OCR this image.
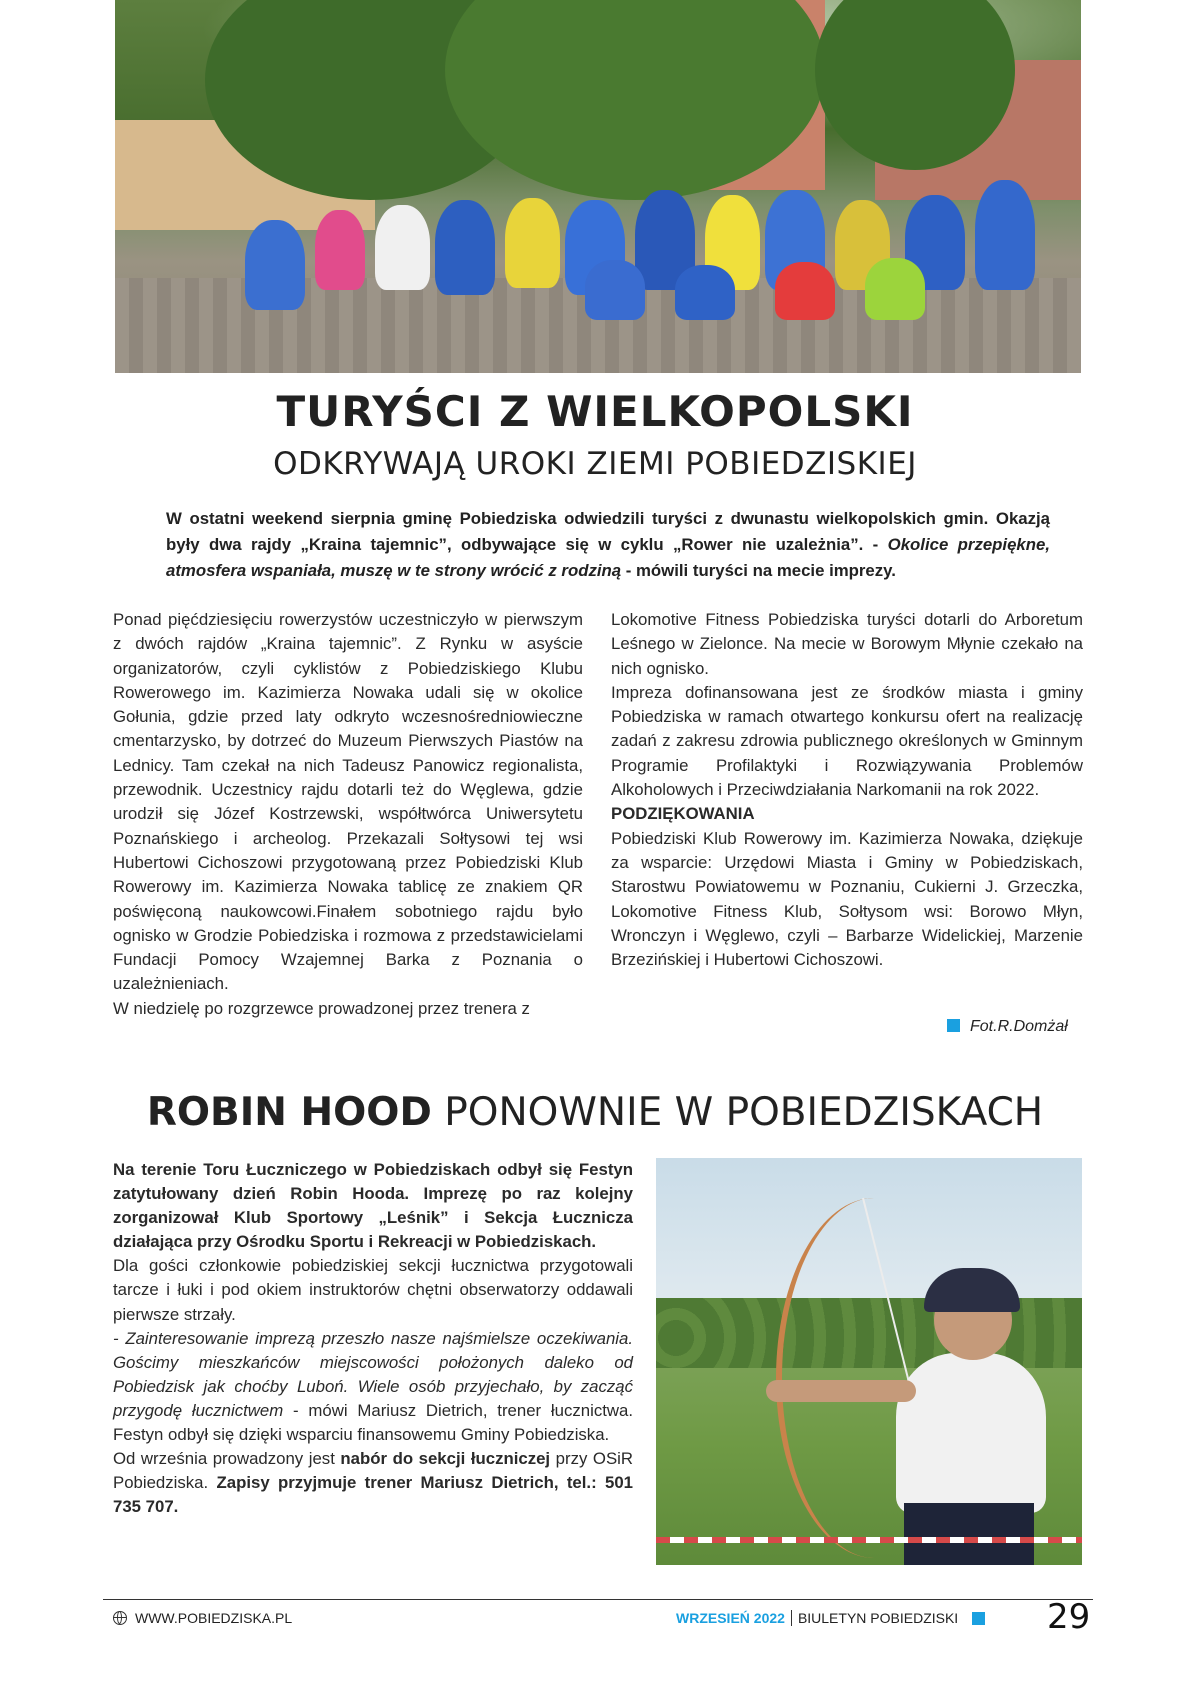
TURYŚCI Z WIELKOPOLSKI
ODKRYWAJĄ UROKI ZIEMI POBIEDZISKIEJ
W ostatni weekend sierpnia gminę Pobiedziska odwiedzili turyści z dwunastu wielkopolskich gmin. Okazją były dwa rajdy „Kraina tajemnic”, odbywające się w cyklu „Rower nie uzależnia”. - Okolice przepiękne, atmosfera wspaniała, muszę w te strony wrócić z rodziną - mówili turyści na mecie imprezy.

Ponad pięćdziesięciu rowerzystów uczestniczyło w pierwszym z dwóch rajdów „Kraina tajemnic”. Z Rynku w asyście organizatorów, czyli cyklistów z Pobiedziskiego Klubu Rowerowego im. Kazimierza Nowaka udali się w okolice Gołunia, gdzie przed laty odkryto wczesnośredniowieczne cmentarzysko, by dotrzeć do Muzeum Pierwszych Piastów na Lednicy. Tam czekał na nich Tadeusz Panowicz regionalista, przewodnik. Uczestnicy rajdu dotarli też do Węglewa, gdzie urodził się Józef Kostrzewski, współtwórca Uniwersytetu Poznańskiego i archeolog. Przekazali Sołtysowi tej wsi Hubertowi Cichoszowi przygotowaną przez Pobiedziski Klub Rowerowy im. Kazimierza Nowaka tablicę ze znakiem QR poświęconą naukowcowi.Finałem sobotniego rajdu było ognisko w Grodzie Pobiedziska i rozmowa z przedstawicielami Fundacji Pomocy Wzajemnej Barka z Poznania o uzależnieniach.

W niedzielę po rozgrzewce prowadzonej przez trenera z

Lokomotive Fitness Pobiedziska turyści dotarli do Arboretum Leśnego w Zielonce. Na mecie w Borowym Młynie czekało na nich ognisko.

Impreza dofinansowana jest ze środków miasta i gminy Pobiedziska w ramach otwartego konkursu ofert na realizację zadań z zakresu zdrowia publicznego określonych w Gminnym Programie Profilaktyki i Rozwiązywania Problemów Alkoholowych i Przeciwdziałania Narkomanii na rok 2022.

PODZIĘKOWANIA

Pobiedziski Klub Rowerowy im. Kazimierza Nowaka, dziękuje za wsparcie: Urzędowi Miasta i Gminy w Pobiedziskach, Starostwu Powiatowemu w Poznaniu, Cukierni J. Grzeczka, Lokomotive Fitness Klub, Sołtysom wsi: Borowo Młyn, Wronczyn i Węglewo, czyli – Barbarze Widelickiej, Marzenie Brzezińskiej i Hubertowi Cichoszowi.

Fot.R.Domżał
ROBIN HOOD PONOWNIE W POBIEDZISKACH

Na terenie Toru Łuczniczego w Pobiedziskach odbył się Festyn zatytułowany dzień Robin Hooda. Imprezę po raz kolejny zorganizował Klub Sportowy „Leśnik” i Sekcja Łucznicza działająca przy Ośrodku Sportu i Rekreacji w Pobiedziskach.

Dla gości członkowie pobiedziskiej sekcji łucznictwa przygotowali tarcze i łuki i pod okiem instruktorów chętni obserwatorzy oddawali pierwsze strzały.

- Zainteresowanie imprezą przeszło nasze najśmielsze oczekiwania. Gościmy mieszkańców miejscowości położonych daleko od Pobiedzisk jak choćby Luboń. Wiele osób przyjechało, by zacząć przygodę łucznictwem - mówi Mariusz Dietrich, trener łucznictwa. Festyn odbył się dzięki wsparciu finansowemu Gminy Pobiedziska.

Od września prowadzony jest nabór do sekcji łuczniczej przy OSiR Pobiedziska. Zapisy przyjmuje trener Mariusz Dietrich, tel.: 501 735 707.

WWW.POBIEDZISKA.PL	WRZESIEŃ 2022 BIULETYN POBIEDZISKI	29
